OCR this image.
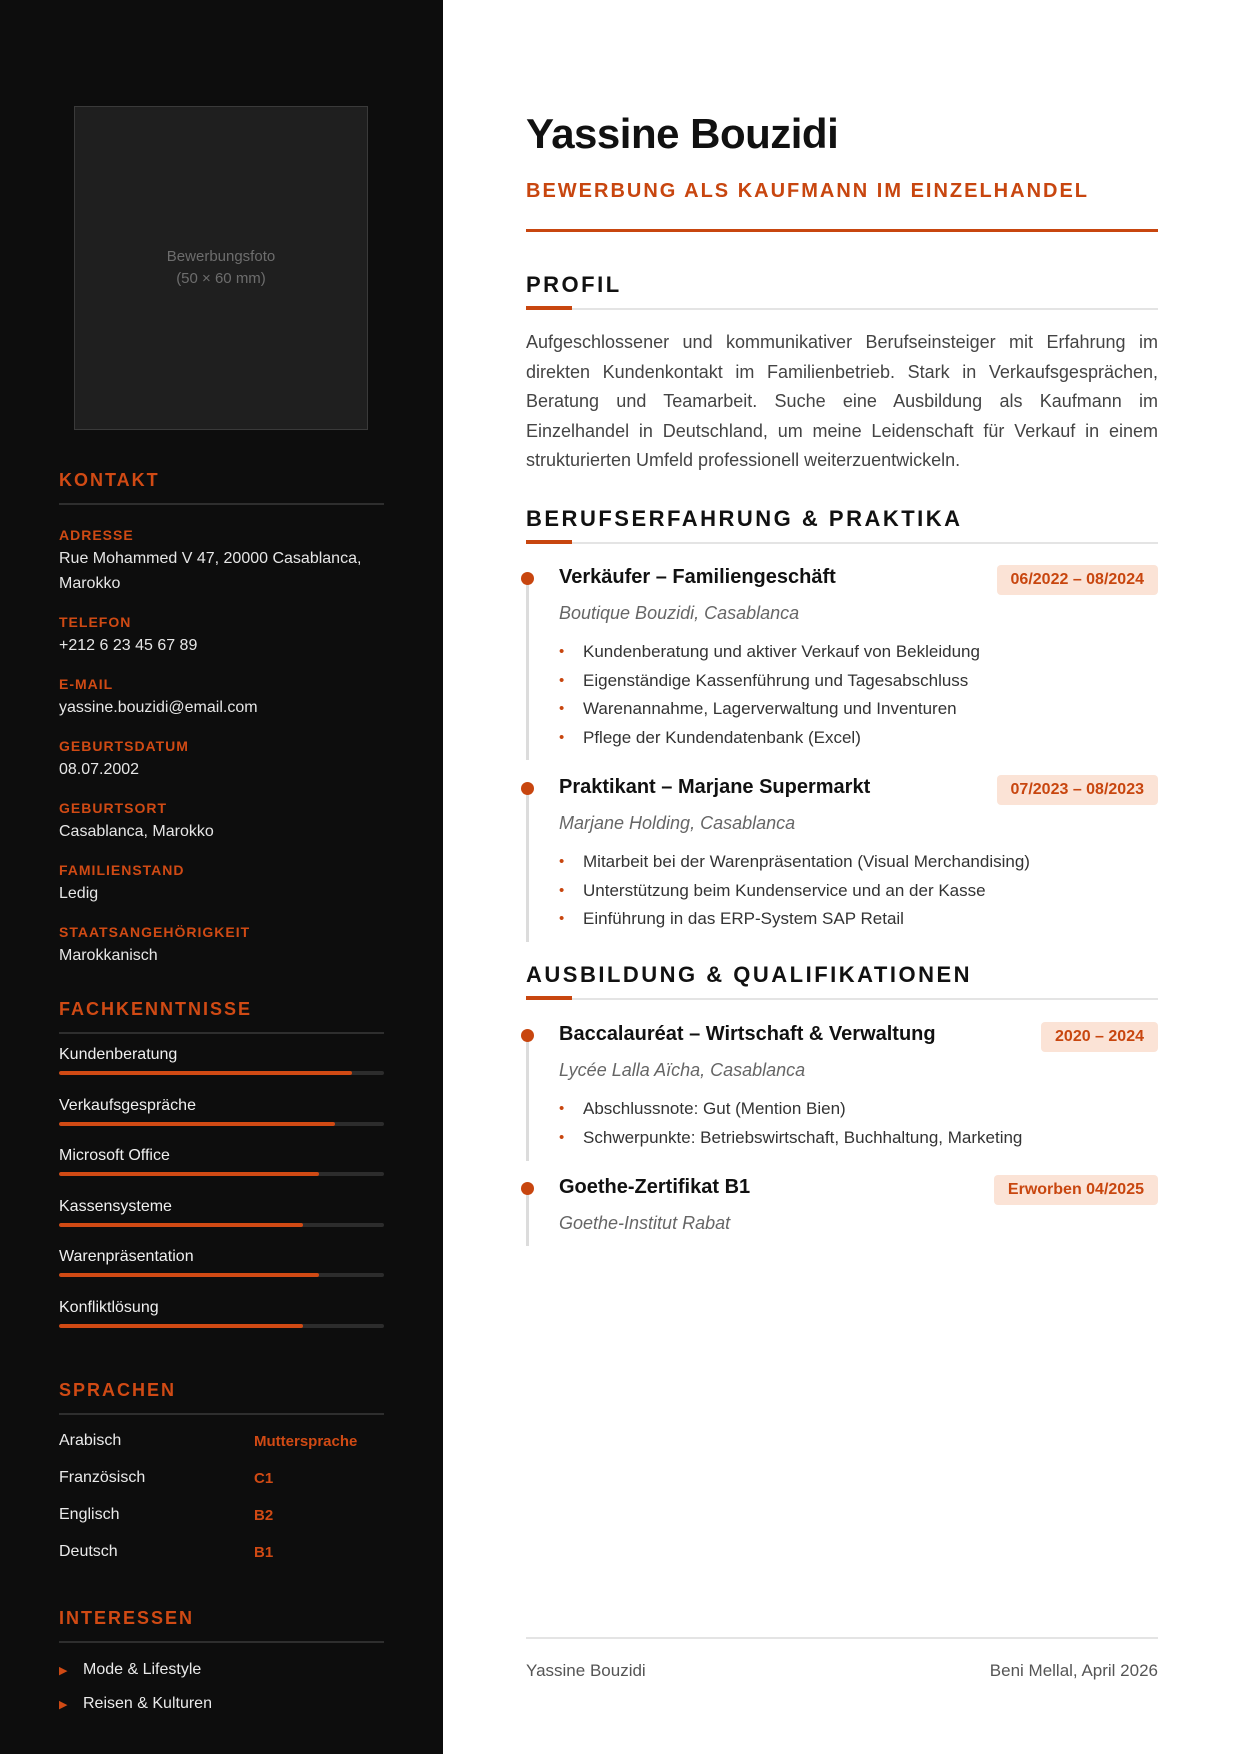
Bewerbungsfoto
(50 × 60 mm)
KONTAKT
ADRESSE
Rue Mohammed V 47, 20000 Casablanca, Marokko
TELEFON
+212 6 23 45 67 89
E-MAIL
yassine.bouzidi@email.com
GEBURTSDATUM
08.07.2002
GEBURTSORT
Casablanca, Marokko
FAMILIENSTAND
Ledig
STAATSANGEHÖRIGKEIT
Marokkanisch
FACHKENNTNISSE
Kundenberatung
Verkaufsgespräche
Microsoft Office
Kassensysteme
Warenpräsentation
Konfliktlösung
SPRACHEN
Arabisch	Muttersprache
Französisch	C1
Englisch	B2
Deutsch	B1
INTERESSEN
▶ Mode & Lifestyle
▶ Reisen & Kulturen
Yassine Bouzidi
BEWERBUNG ALS KAUFMANN IM EINZELHANDEL
PROFIL

Aufgeschlossener und kommunikativer Berufseinsteiger mit Erfahrung im direkten Kundenkontakt im Familienbetrieb. Stark in Verkaufsgesprächen, Beratung und Teamarbeit. Suche eine Ausbildung als Kaufmann im Einzelhandel in Deutschland, um meine Leidenschaft für Verkauf in einem strukturierten Umfeld professionell weiterzuentwickeln.

BERUFSERFAHRUNG & PRAKTIKA
Verkäufer – Familiengeschäft	06/2022 – 08/2024
Boutique Bouzidi, Casablanca
• Kundenberatung und aktiver Verkauf von Bekleidung
• Eigenständige Kassenführung und Tagesabschluss
• Warenannahme, Lagerverwaltung und Inventuren
• Pflege der Kundendatenbank (Excel)
Praktikant – Marjane Supermarkt	07/2023 – 08/2023
Marjane Holding, Casablanca
• Mitarbeit bei der Warenpräsentation (Visual Merchandising)
• Unterstützung beim Kundenservice und an der Kasse
• Einführung in das ERP-System SAP Retail
AUSBILDUNG & QUALIFIKATIONEN
Baccalauréat – Wirtschaft & Verwaltung	2020 – 2024
Lycée Lalla Aïcha, Casablanca
• Abschlussnote: Gut (Mention Bien)
• Schwerpunkte: Betriebswirtschaft, Buchhaltung, Marketing
Goethe-Zertifikat B1	Erworben 04/2025
Goethe-Institut Rabat
Yassine Bouzidi	Beni Mellal, April 2026
